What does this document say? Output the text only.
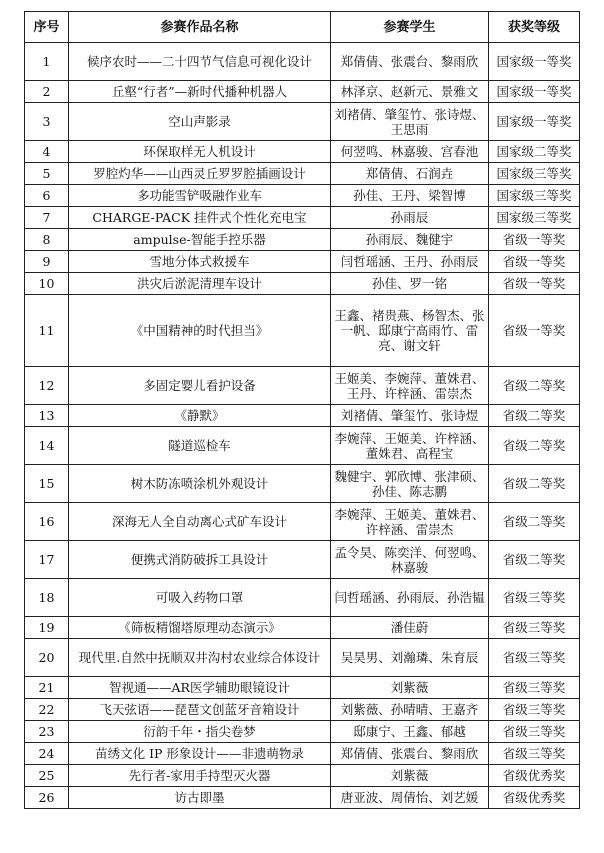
序号	参赛作品名称	参赛学生	获奖等级
1	候序农时——二十四节气信息可视化设计	郑倩倩、张震台、黎雨欣	国家级一等奖
2	丘壑“行者”—新时代播种机器人	林泽京、赵新元、景雅文	国家级一等奖
3	空山声影录	刘褚倩、肇玺竹、张诗煜、王思雨	国家级一等奖
4	环保取样无人机设计	何翌鸣、林嘉骏、宫春池	国家级二等奖
5	罗腔灼华——山西灵丘罗罗腔插画设计	郑倩倩、石润垚	国家级三等奖
6	多功能雪铲吸融作业车	孙佳、王丹、梁智博	国家级三等奖
7	CHARGE-PACK 挂件式个性化充电宝	孙雨辰	国家级三等奖
8	ampulse-智能手控乐器	孙雨辰、魏健宇	省级一等奖
9	雪地分体式救援车	闫哲瑶涵、王丹、孙雨辰	省级一等奖
10	洪灾后淤泥清理车设计	孙佳、罗一铭	省级一等奖
11	《中国精神的时代担当》	王鑫、褚贵燕、杨智杰、张一帆、邸康宁高雨竹、雷亮、谢文轩	省级一等奖
12	多固定婴儿看护设备	王姬美、李婉萍、董姝君、王丹、许梓涵、雷崇杰	省级二等奖
13	《静默》	刘褚倩、肇玺竹、张诗煜	省级二等奖
14	隧道巡检车	李婉萍、王姬美、许梓涵、董姝君、高程宝	省级二等奖
15	树木防冻喷涂机外观设计	魏健宇、郭欣博、张津硕、孙佳、陈志鹏	省级二等奖
16	深海无人全自动离心式矿车设计	李婉萍、王姬美、董姝君、许梓涵、雷崇杰	省级二等奖
17	便携式消防破拆工具设计	孟令昊、陈奕洋、何翌鸣、林嘉骏	省级二等奖
18	可吸入药物口罩	闫哲瑶涵、孙雨辰、孙浩韫	省级三等奖
19	《筛板精馏塔原理动态演示》	潘佳蔚	省级三等奖
20	现代里.自然中抚顺双井沟村农业综合体设计	吴昊男、刘瀚璘、朱育辰	省级三等奖
21	智视通——AR医学辅助眼镜设计	刘紫薇	省级三等奖
22	飞天弦语——琵琶文创蓝牙音箱设计	刘紫薇、孙晴晴、王嘉齐	省级三等奖
23	衍韵千年・指尖卷梦	邸康宁、王鑫、郁越	省级三等奖
24	苗绣文化 IP 形象设计——非遗萌物录	郑倩倩、张震台、黎雨欣	省级三等奖
25	先行者-家用手持型灭火器	刘紫薇	省级优秀奖
26	访古即墨	唐亚波、周倩怡、刘艺媛	省级优秀奖
